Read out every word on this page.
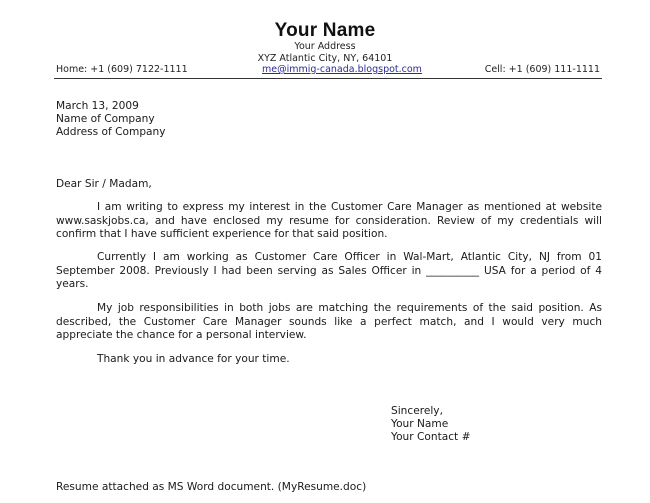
Your Name
Your Address
XYZ Atlantic City, NY, 64101
Home: +1 (609) 7122-1111	me@immig-canada.blogspot.com	Cell: +1 (609) 111-1111
March 13, 2009
Name of Company
Address of Company
Dear Sir / Madam,

I am writing to express my interest in the Customer Care Manager as mentioned at website www.saskjobs.ca, and have enclosed my resume for consideration. Review of my credentials will confirm that I have sufficient experience for that said position.

Currently I am working as Customer Care Officer in Wal-Mart, Atlantic City, NJ from 01 September 2008. Previously I had been serving as Sales Officer in __________ USA for a period of 4 years.

My job responsibilities in both jobs are matching the requirements of the said position. As described, the Customer Care Manager sounds like a perfect match, and I would very much appreciate the chance for a personal interview.

Thank you in advance for your time.

Sincerely,
Your Name
Your Contact #
Resume attached as MS Word document. (MyResume.doc)
